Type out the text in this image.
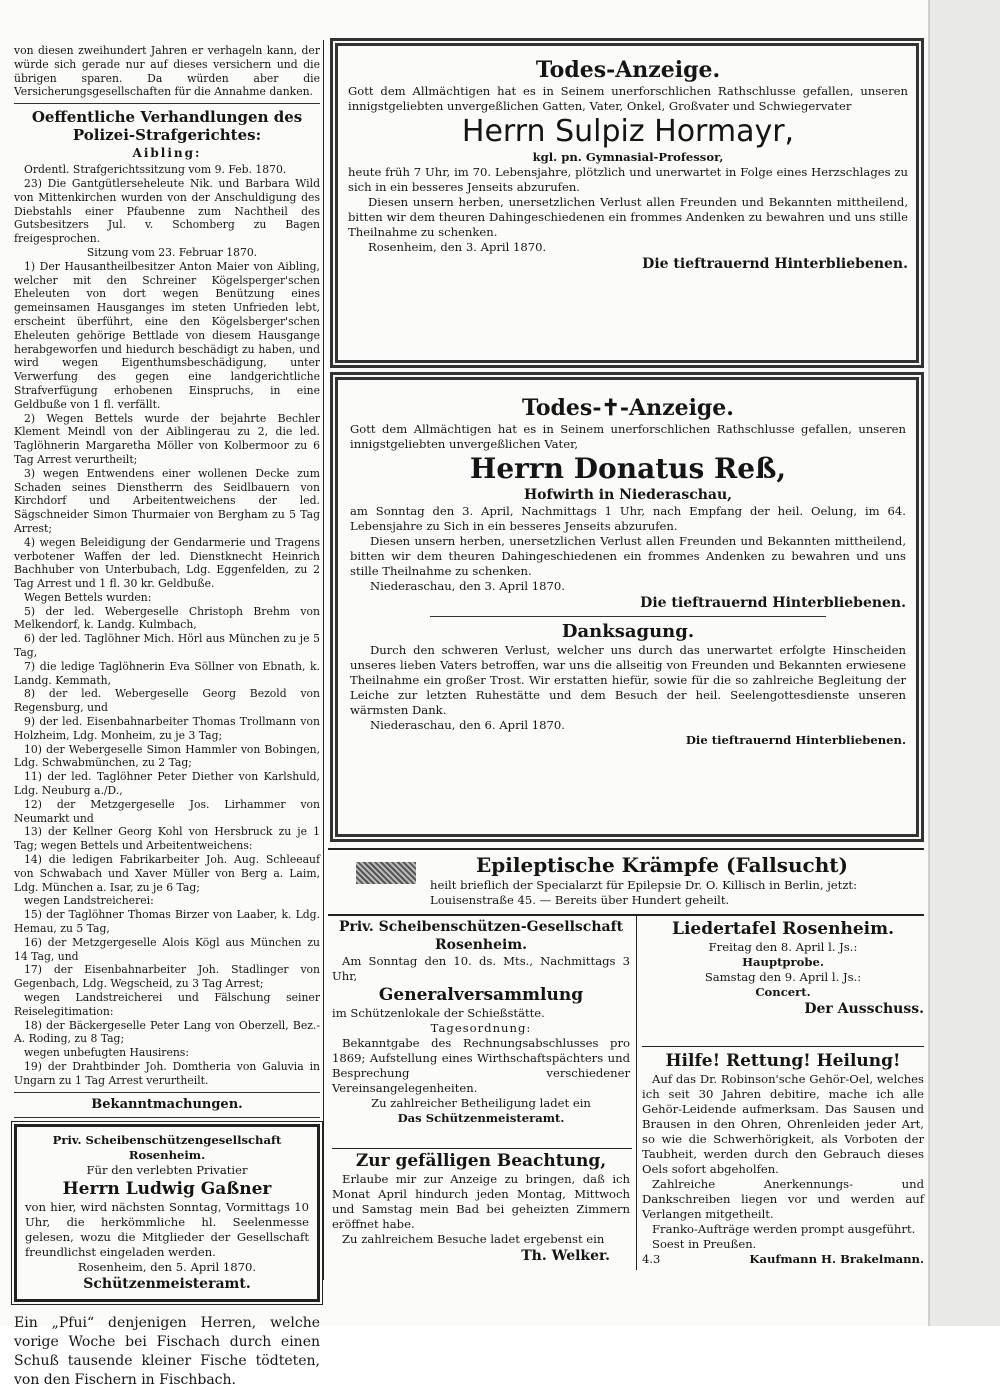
von diesen zweihundert Jahren er verhageln kann, der würde sich gerade nur auf dieses versichern und die übrigen sparen. Da würden aber die Versicherungsgesellschaften für die Annahme danken.
Oeffentliche Verhandlungen des Polizei-Strafgerichtes:
Aibling:

Ordentl. Strafgerichtssitzung vom 9. Feb. 1870.

23) Die Gantgütlerseheleute Nik. und Barbara Wild von Mittenkirchen wurden von der Anschuldigung des Diebstahls einer Pfaubenne zum Nachtheil des Gutsbesitzers Jul. v. Schomberg zu Bagen freigesprochen.

Sitzung vom 23. Februar 1870.

1) Der Hausantheilbesitzer Anton Maier von Aibling, welcher mit den Schreiner Kögelsperger'schen Eheleuten von dort wegen Benützung eines gemeinsamen Hausganges im steten Unfrieden lebt, erscheint überführt, eine den Kögelsberger'schen Eheleuten gehörige Bettlade von diesem Hausgange herabgeworfen und hiedurch beschädigt zu haben, und wird wegen Eigenthumsbeschädigung, unter Verwerfung des gegen eine landgerichtliche Strafverfügung erhobenen Einspruchs, in eine Geldbuße von 1 fl. verfällt.

2) Wegen Bettels wurde der bejahrte Bechler Klement Meindl von der Aiblingerau zu 2, die led. Taglöhnerin Margaretha Möller von Kolbermoor zu 6 Tag Arrest verurtheilt;

3) wegen Entwendens einer wollenen Decke zum Schaden seines Dienstherrn des Seidlbauern von Kirchdorf und Arbeitentweichens der led. Sägschneider Simon Thurmaier von Bergham zu 5 Tag Arrest;

4) wegen Beleidigung der Gendarmerie und Tragens verbotener Waffen der led. Dienstknecht Heinrich Bachhuber von Unterbubach, Ldg. Eggenfelden, zu 2 Tag Arrest und 1 fl. 30 kr. Geldbuße.

Wegen Bettels wurden:

5) der led. Webergeselle Christoph Brehm von Melkendorf, k. Landg. Kulmbach,

6) der led. Taglöhner Mich. Hörl aus München zu je 5 Tag,

7) die ledige Taglöhnerin Eva Söllner von Ebnath, k. Landg. Kemmath,

8) der led. Webergeselle Georg Bezold von Regensburg, und

9) der led. Eisenbahnarbeiter Thomas Trollmann von Holzheim, Ldg. Monheim, zu je 3 Tag;

10) der Webergeselle Simon Hammler von Bobingen, Ldg. Schwabmünchen, zu 2 Tag;

11) der led. Taglöhner Peter Diether von Karlshuld, Ldg. Neuburg a./D.,

12) der Metzgergeselle Jos. Lirhammer von Neumarkt und

13) der Kellner Georg Kohl von Hersbruck zu je 1 Tag; wegen Bettels und Arbeitentweichens:

14) die ledigen Fabrikarbeiter Joh. Aug. Schleeauf von Schwabach und Xaver Müller von Berg a. Laim, Ldg. München a. Isar, zu je 6 Tag;

wegen Landstreicherei:

15) der Taglöhner Thomas Birzer von Laaber, k. Ldg. Hemau, zu 5 Tag,

16) der Metzgergeselle Alois Kögl aus München zu 14 Tag, und

17) der Eisenbahnarbeiter Joh. Stadlinger von Gegenbach, Ldg. Wegscheid, zu 3 Tag Arrest;

wegen Landstreicherei und Fälschung seiner Reiselegitimation:

18) der Bäckergeselle Peter Lang von Oberzell, Bez.-A. Roding, zu 8 Tag;

wegen unbefugten Hausirens:

19) der Drahtbinder Joh. Domtheria von Galuvia in Ungarn zu 1 Tag Arrest verurtheilt.

Bekanntmachungen.
Priv. Scheibenschützengesellschaft Rosenheim.
Für den verlebten Privatier
Herrn Ludwig Gaßner
von hier, wird nächsten Sonntag, Vormittags 10 Uhr, die herkömmliche hl. Seelenmesse gelesen, wozu die Mitglieder der Gesellschaft freundlichst eingeladen werden.
Rosenheim, den 5. April 1870.
Schützenmeisteramt.
Ein „Pfui“ denjenigen Herren, welche vorige Woche bei Fischach durch einen Schuß tausende kleiner Fische tödteten, von den Fischern in Fischbach.
Todes-Anzeige.
Gott dem Allmächtigen hat es in Seinem unerforschlichen Rathschlusse gefallen, unseren innigstgeliebten unvergeßlichen Gatten, Vater, Onkel, Großvater und Schwiegervater
Herrn Sulpiz Hormayr,
kgl. pn. Gymnasial-Professor,
heute früh 7 Uhr, im 70. Lebensjahre, plötzlich und unerwartet in Folge eines Herzschlages zu sich in ein besseres Jenseits abzurufen.
Diesen unsern herben, unersetzlichen Verlust allen Freunden und Bekannten mittheilend, bitten wir dem theuren Dahingeschiedenen ein frommes Andenken zu bewahren und uns stille Theilnahme zu schenken.
Rosenheim, den 3. April 1870.
Die tieftrauernd Hinterbliebenen.
Todes-✝-Anzeige.
Gott dem Allmächtigen hat es in Seinem unerforschlichen Rathschlusse gefallen, unseren innigstgeliebten unvergeßlichen Vater,
Herrn Donatus Reß,
Hofwirth in Niederaschau,
am Sonntag den 3. April, Nachmittags 1 Uhr, nach Empfang der heil. Oelung, im 64. Lebensjahre zu Sich in ein besseres Jenseits abzurufen.
Diesen unsern herben, unersetzlichen Verlust allen Freunden und Bekannten mittheilend, bitten wir dem theuren Dahingeschiedenen ein frommes Andenken zu bewahren und uns stille Theilnahme zu schenken.
Niederaschau, den 3. April 1870.
Die tieftrauernd Hinterbliebenen.
Danksagung.
Durch den schweren Verlust, welcher uns durch das unerwartet erfolgte Hinscheiden unseres lieben Vaters betroffen, war uns die allseitig von Freunden und Bekannten erwiesene Theilnahme ein großer Trost. Wir erstatten hiefür, sowie für die so zahlreiche Begleitung der Leiche zur letzten Ruhestätte und dem Besuch der heil. Seelengottesdienste unseren wärmsten Dank.
Niederaschau, den 6. April 1870.
Die tieftrauernd Hinterbliebenen.
Epileptische Krämpfe (Fallsucht)
heilt brieflich der Specialarzt für Epilepsie Dr. O. Killisch in Berlin, jetzt: Louisenstraße 45. — Bereits über Hundert geheilt.
Priv. Scheibenschützen-Gesellschaft Rosenheim.
Am Sonntag den 10. ds. Mts., Nachmittags 3 Uhr,
Generalversammlung
im Schützenlokale der Schießstätte.
Tagesordnung:
Bekanntgabe des Rechnungsabschlusses pro 1869; Aufstellung eines Wirthschaftspächters und Besprechung verschiedener Vereinsangelegenheiten.
Zu zahlreicher Betheiligung ladet ein
Das Schützenmeisteramt.
Zur gefälligen Beachtung,
Erlaube mir zur Anzeige zu bringen, daß ich Monat April hindurch jeden Montag, Mittwoch und Samstag mein Bad bei geheizten Zimmern eröffnet habe.
Zu zahlreichem Besuche ladet ergebenst ein
Th. Welker.
Liedertafel Rosenheim.
Freitag den 8. April l. Js.:
Hauptprobe.
Samstag den 9. April l. Js.:
Concert.
Der Ausschuss.
Hilfe! Rettung! Heilung!
Auf das Dr. Robinson'sche Gehör-Oel, welches ich seit 30 Jahren debitire, mache ich alle Gehör-Leidende aufmerksam. Das Sausen und Brausen in den Ohren, Ohrenleiden jeder Art, so wie die Schwerhörigkeit, als Vorboten der Taubheit, werden durch den Gebrauch dieses Oels sofort abgeholfen.
Zahlreiche Anerkennungs- und Dankschreiben liegen vor und werden auf Verlangen mitgetheilt.
Franko-Aufträge werden prompt ausgeführt.
Soest in Preußen.
4.3	Kaufmann H. Brakelmann.
